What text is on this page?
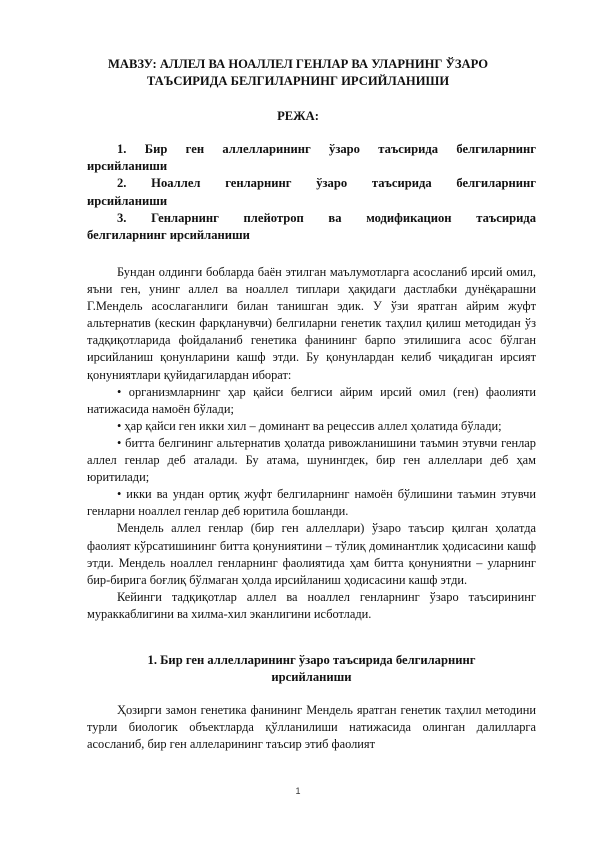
МАВЗУ: АЛЛЕЛ ВА НОАЛЛЕЛ ГЕНЛАР ВА УЛАРНИНГ ЎЗАРО
ТАЪСИРИДА БЕЛГИЛАРНИНГ ИРСИЙЛАНИШИ
РЕЖА:

1. Бир ген аллелларининг ўзаро таъсирида белгиларнинг
ирсийланиши

2. Ноаллел генларнинг ўзаро таъсирида белгиларнинг
ирсийланиши

3. Генларнинг плейотроп ва модификацион таъсирида
белгиларнинг ирсийланиши

Бундан олдинги бобларда баён этилган маълумотларга асосланиб ирсий омил, яъни ген, унинг аллел ва ноаллел типлари ҳақидаги дастлабки дунёқарашни Г.Мендель асослаганлиги билан танишган эдик. У ўзи яратган айрим жуфт альтернатив (кескин фарқланувчи) белгиларни генетик таҳлил қилиш методидан ўз тадқиқотларида фойдаланиб генетика фанининг барпо этилишига асос бўлган ирсийланиш қонунларини кашф этди. Бу қонунлардан келиб чиқадиган ирсият қонуниятлари қуйидагилардан иборат:

• организмларнинг ҳар қайси белгиси айрим ирсий омил (ген) фаолияти натижасида намоён бўлади;

• ҳар қайси ген икки хил – доминант ва рецессив аллел ҳолатида бўлади;

• битта белгининг альтернатив ҳолатда ривожланишини таъмин этувчи генлар аллел генлар деб аталади. Бу атама, шунингдек, бир ген аллеллари деб ҳам юритилади;

• икки ва ундан ортиқ жуфт белгиларнинг намоён бўлишини таъмин этувчи генларни ноаллел генлар деб юритила бошланди.

Мендель аллел генлар (бир ген аллеллари) ўзаро таъсир қилган ҳолатда фаолият кўрсатишининг битта қонуниятини – тўлиқ доминантлик ҳодисасини кашф этди. Мендель ноаллел генларнинг фаолиятида ҳам битта қонуниятни – уларнинг бир-бирига боғлиқ бўлмаган ҳолда ирсийланиш ҳодисасини кашф этди.

Кейинги тадқиқотлар аллел ва ноаллел генларнинг ўзаро таъсирининг мураккаблигини ва хилма-хил эканлигини исботлади.

1. Бир ген аллелларининг ўзаро таъсирида белгиларнинг
ирсийланиши

Ҳозирги замон генетика фанининг Мендель яратган генетик таҳлил методини турли биологик объектларда қўлланилиши натижасида олинган далилларга асосланиб, бир ген аллеларининг таъсир этиб фаолият

1
